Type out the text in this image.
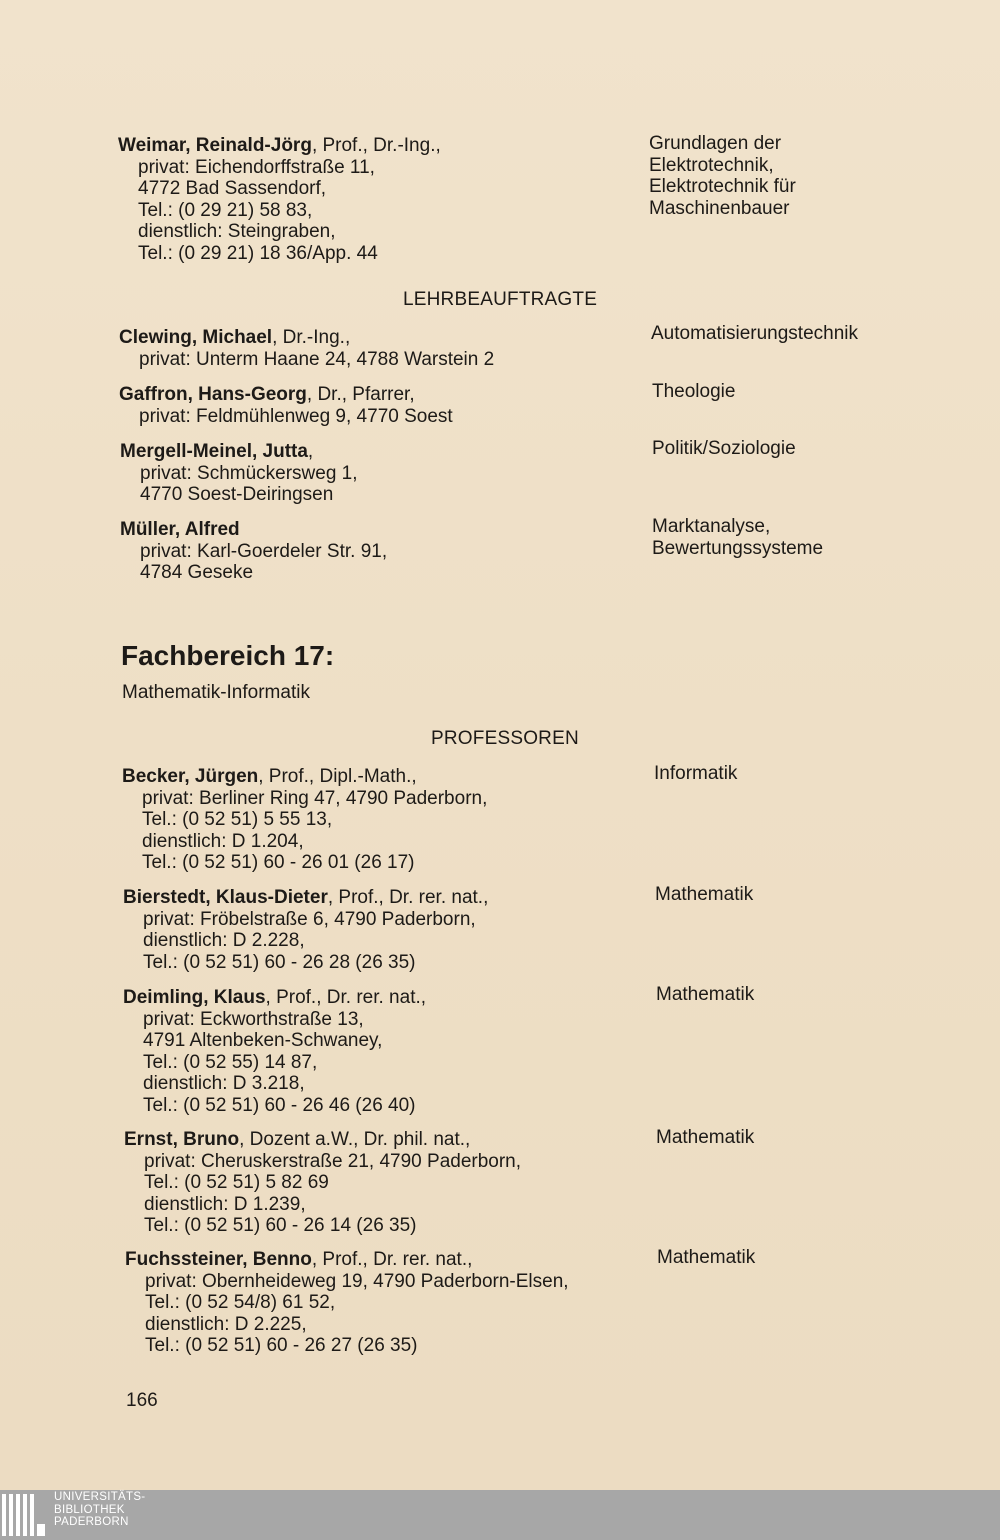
Weimar, Reinald-Jörg, Prof., Dr.-Ing.,
privat: Eichendorffstraße 11,
4772 Bad Sassendorf,
Tel.: (0 29 21) 58 83,
dienstlich: Steingraben,
Tel.: (0 29 21) 18 36/App. 44
Grundlagen der
Elektrotechnik,
Elektrotechnik für
Maschinenbauer
LEHRBEAUFTRAGTE
Clewing, Michael, Dr.-Ing.,
privat: Unterm Haane 24, 4788 Warstein 2
Automatisierungstechnik
Gaffron, Hans-Georg, Dr., Pfarrer,
privat: Feldmühlenweg 9, 4770 Soest
Theologie
Mergell-Meinel, Jutta,
privat: Schmückersweg 1,
4770 Soest-Deiringsen
Politik/Soziologie
Müller, Alfred
privat: Karl-Goerdeler Str. 91,
4784 Geseke
Marktanalyse,
Bewertungssysteme
Fachbereich 17:
Mathematik-Informatik
PROFESSOREN
Becker, Jürgen, Prof., Dipl.-Math.,
privat: Berliner Ring 47, 4790 Paderborn,
Tel.: (0 52 51) 5 55 13,
dienstlich: D 1.204,
Tel.: (0 52 51) 60 - 26 01 (26 17)
Informatik
Bierstedt, Klaus-Dieter, Prof., Dr. rer. nat.,
privat: Fröbelstraße 6, 4790 Paderborn,
dienstlich: D 2.228,
Tel.: (0 52 51) 60 - 26 28 (26 35)
Mathematik
Deimling, Klaus, Prof., Dr. rer. nat.,
privat: Eckworthstraße 13,
4791 Altenbeken-Schwaney,
Tel.: (0 52 55) 14 87,
dienstlich: D 3.218,
Tel.: (0 52 51) 60 - 26 46 (26 40)
Mathematik
Ernst, Bruno, Dozent a.W., Dr. phil. nat.,
privat: Cheruskerstraße 21, 4790 Paderborn,
Tel.: (0 52 51) 5 82 69
dienstlich: D 1.239,
Tel.: (0 52 51) 60 - 26 14 (26 35)
Mathematik
Fuchssteiner, Benno, Prof., Dr. rer. nat.,
privat: Obernheideweg 19, 4790 Paderborn-Elsen,
Tel.: (0 52 54/8) 61 52,
dienstlich: D 2.225,
Tel.: (0 52 51) 60 - 26 27 (26 35)
Mathematik
166
UNIVERSITÄTS-
BIBLIOTHEK
PADERBORN
